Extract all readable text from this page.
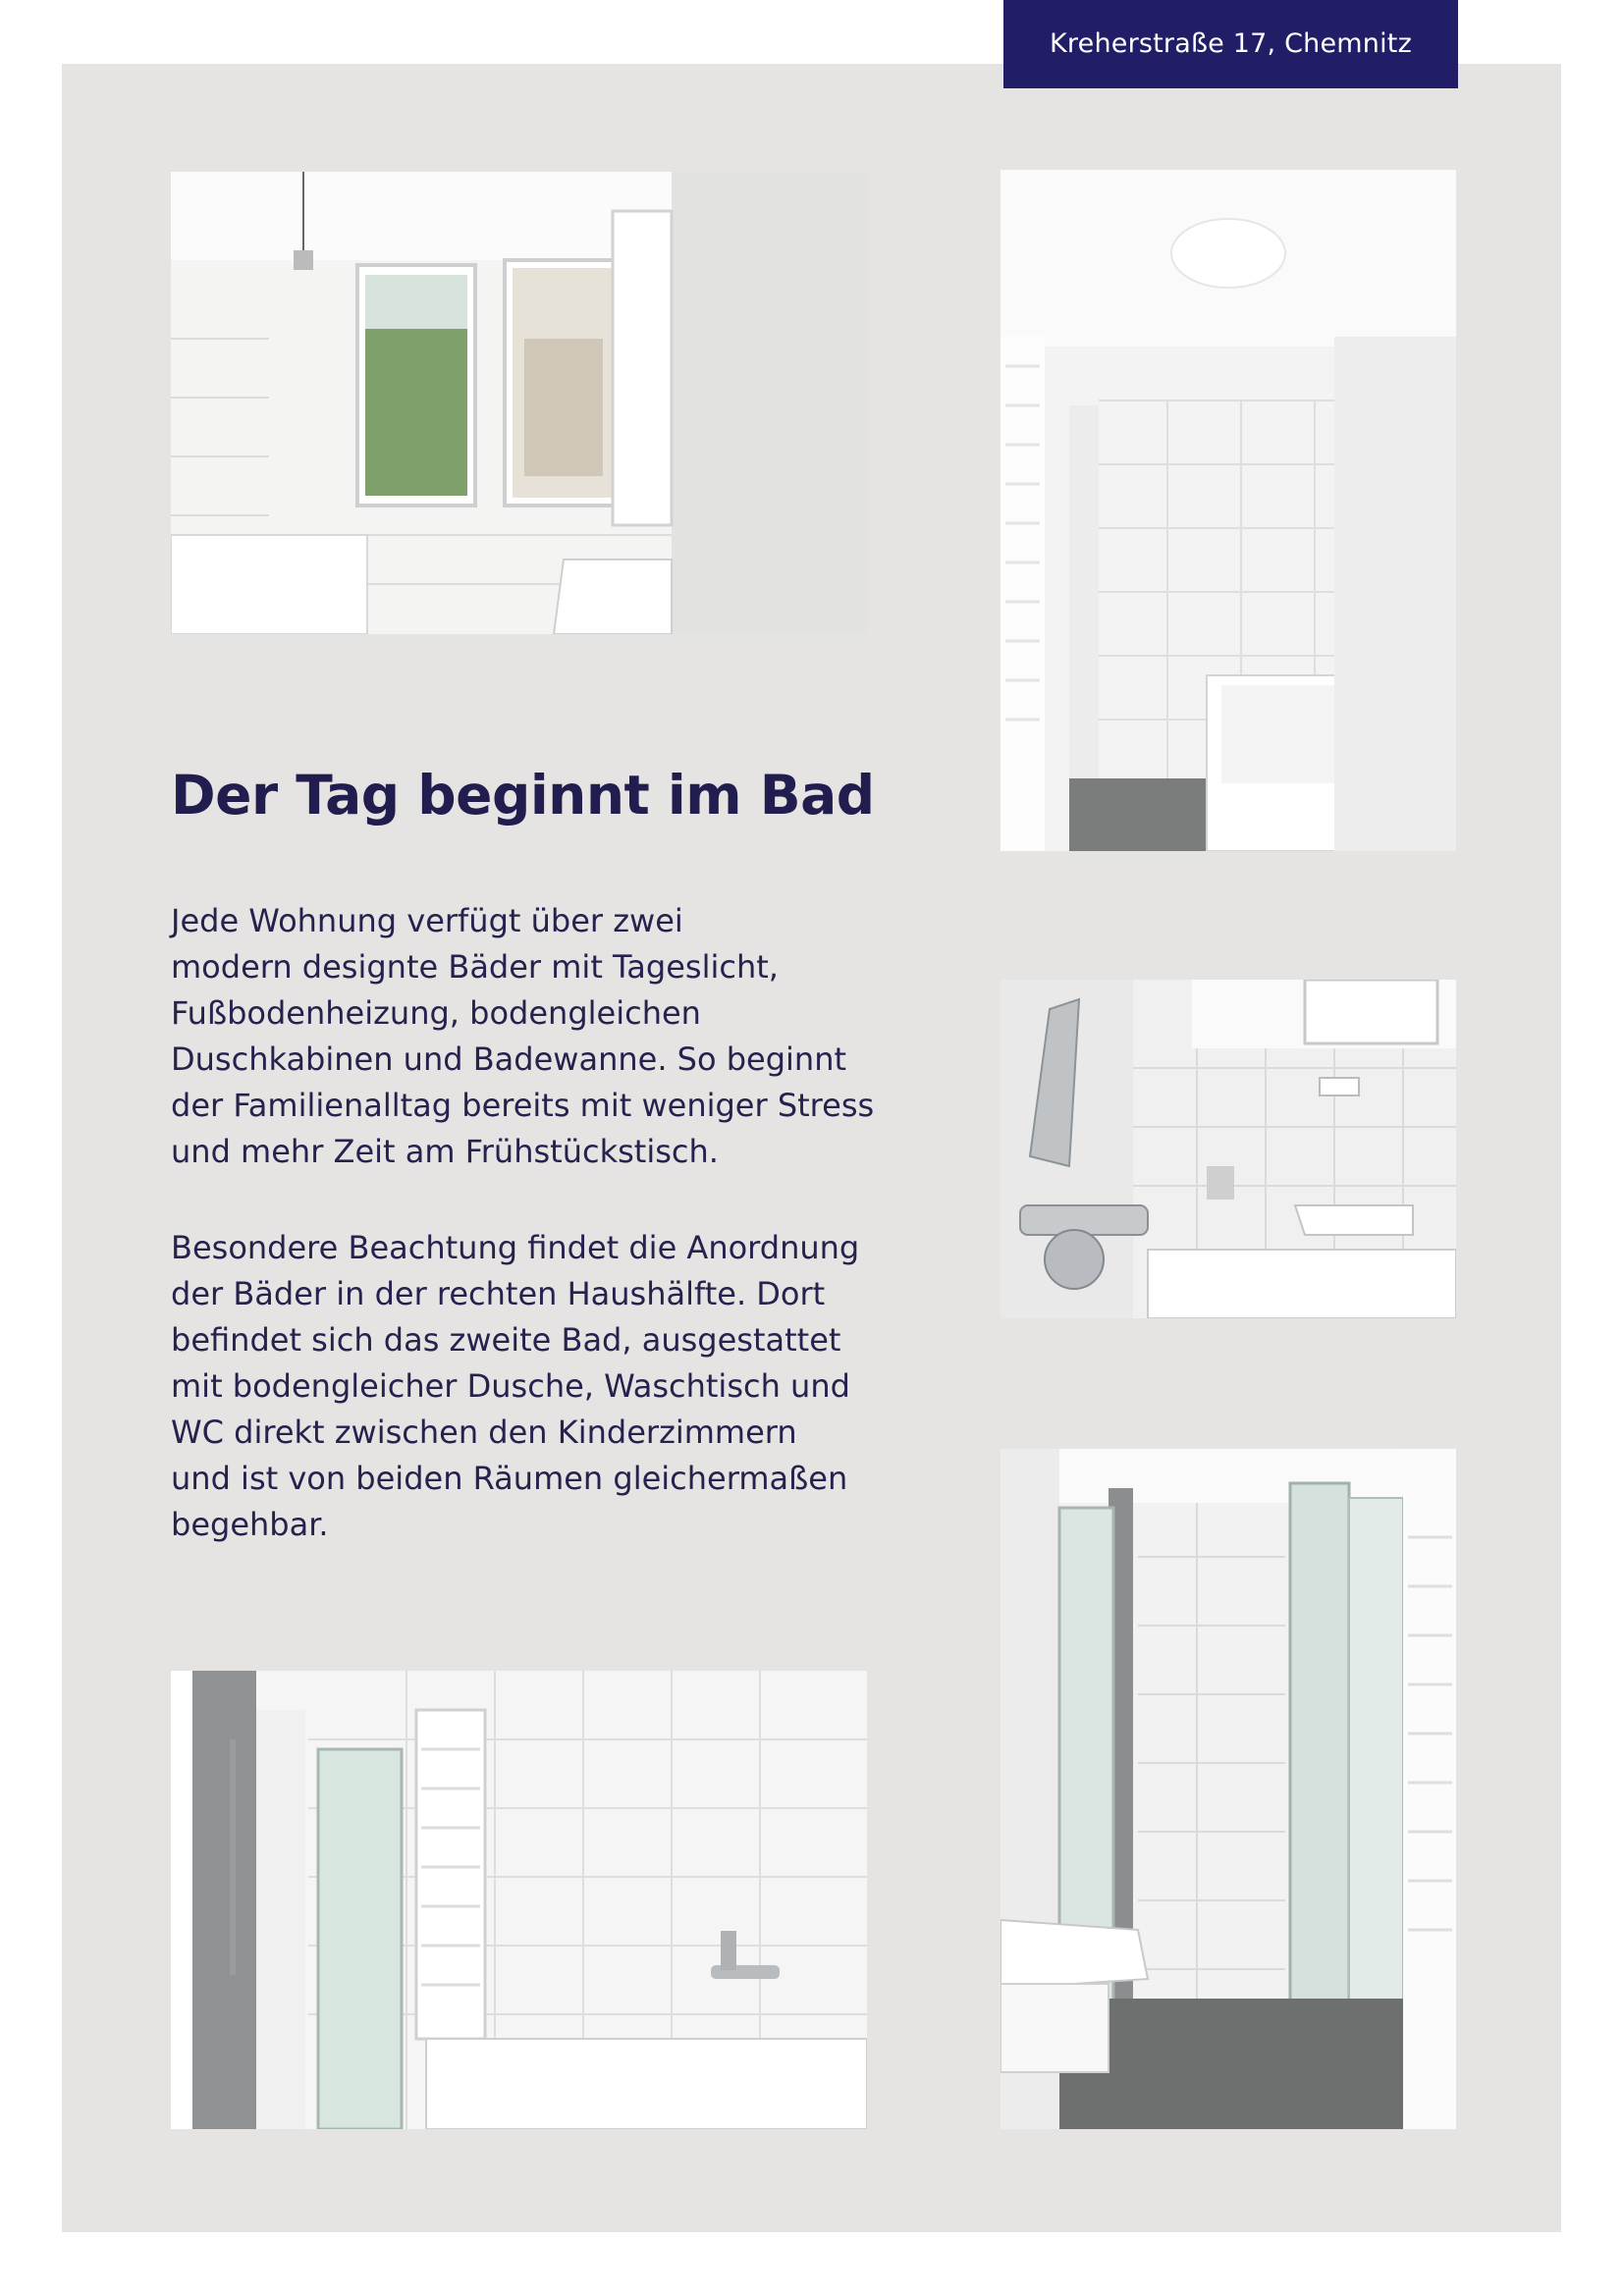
Kreherstraße 17, Chemnitz
Der Tag beginnt im Bad
Jede Wohnung verfügt über zwei
modern designte Bäder mit Tageslicht,
Fußbodenheizung, bodengleichen
Duschkabinen und Badewanne. So beginnt
der Familienalltag bereits mit weniger Stress
und mehr Zeit am Frühstückstisch.
Besondere Beachtung findet die Anordnung
der Bäder in der rechten Haushälfte. Dort
befindet sich das zweite Bad, ausgestattet
mit bodengleicher Dusche, Waschtisch und
WC direkt zwischen den Kinderzimmern
und ist von beiden Räumen gleichermaßen
begehbar.
